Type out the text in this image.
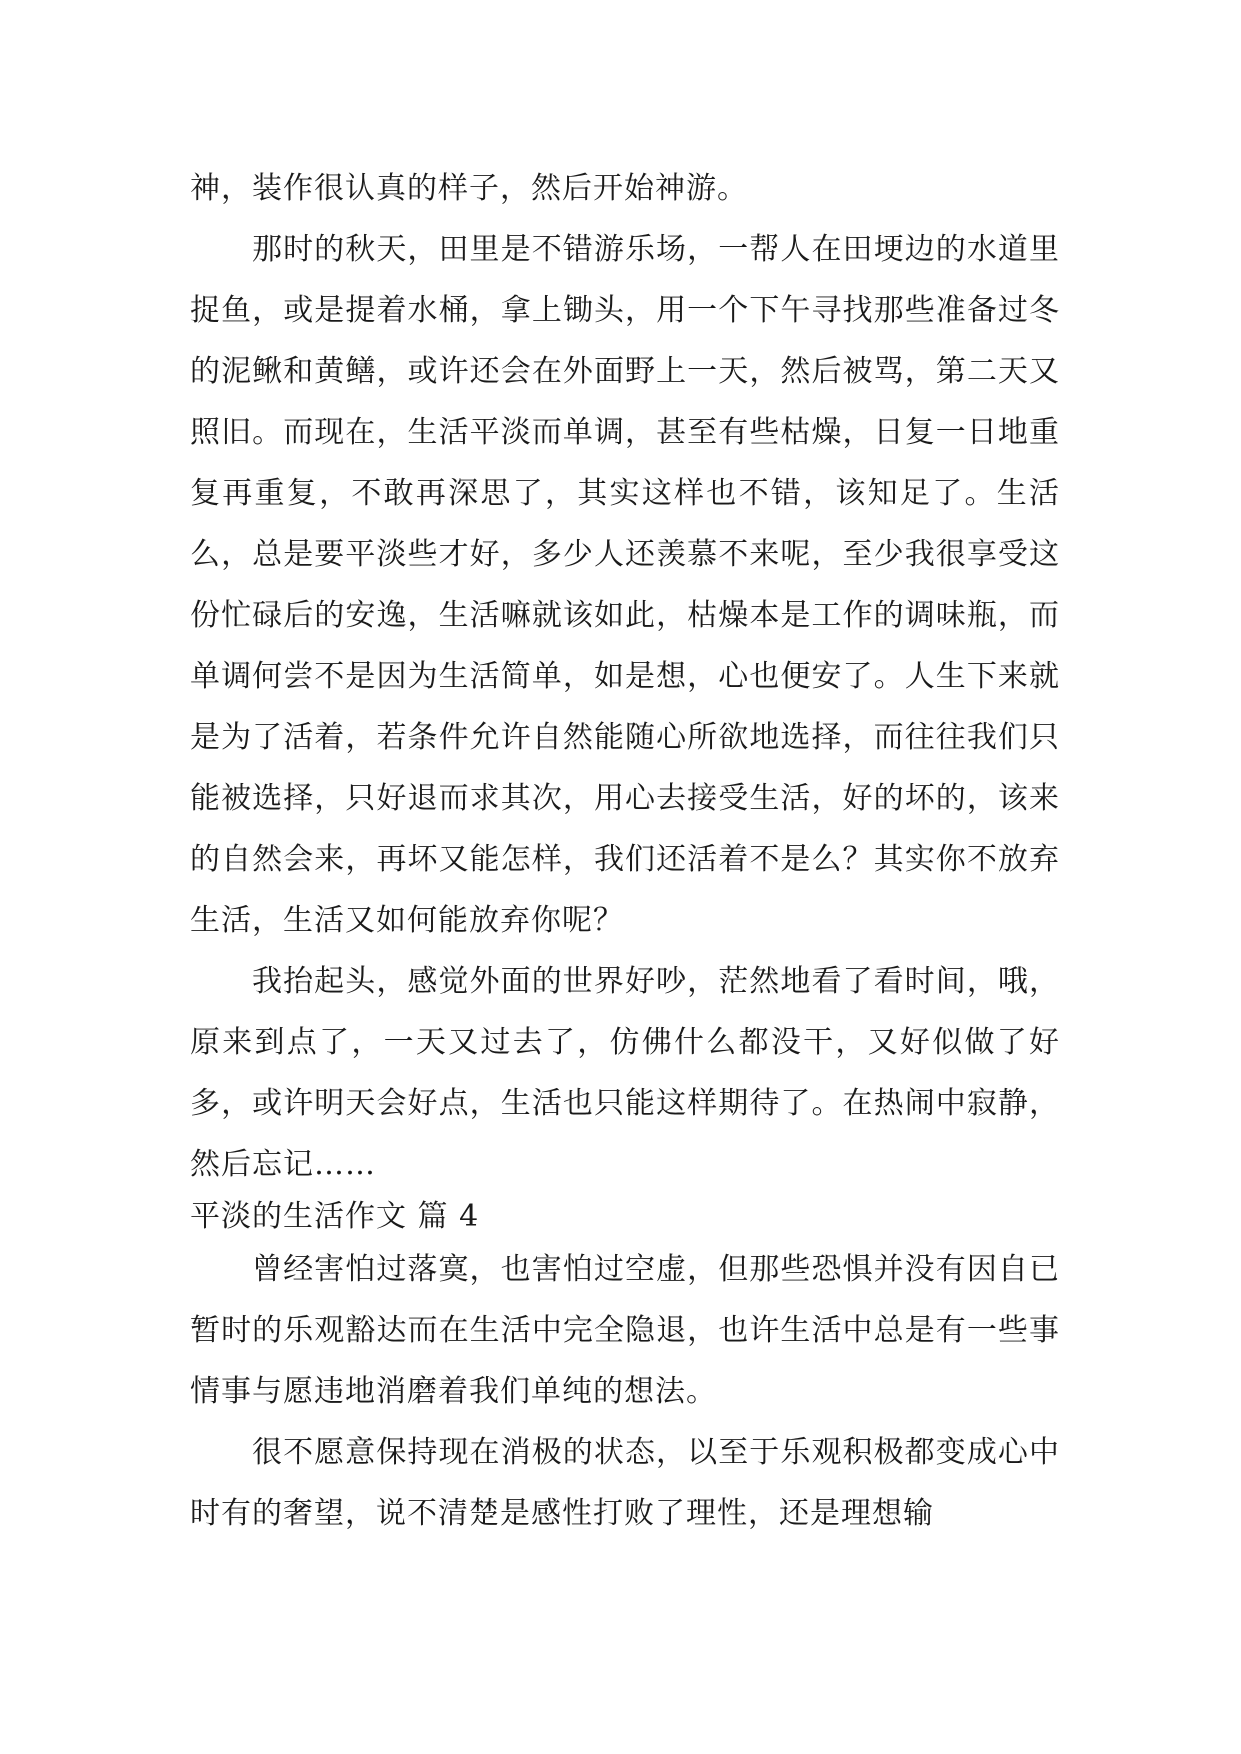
神，装作很认真的样子，然后开始神游。

那时的秋天，田里是不错游乐场，一帮人在田埂边的水道里捉鱼，或是提着水桶，拿上锄头，用一个下午寻找那些准备过冬的泥鳅和黄鳝，或许还会在外面野上一天，然后被骂，第二天又照旧。而现在，生活平淡而单调，甚至有些枯燥，日复一日地重复再重复，不敢再深思了，其实这样也不错，该知足了。生活么，总是要平淡些才好，多少人还羡慕不来呢，至少我很享受这份忙碌后的安逸，生活嘛就该如此，枯燥本是工作的调味瓶，而单调何尝不是因为生活简单，如是想，心也便安了。人生下来就是为了活着，若条件允许自然能随心所欲地选择，而往往我们只能被选择，只好退而求其次，用心去接受生活，好的坏的，该来的自然会来，再坏又能怎样，我们还活着不是么？其实你不放弃生活，生活又如何能放弃你呢？

我抬起头，感觉外面的世界好吵，茫然地看了看时间，哦，原来到点了，一天又过去了，仿佛什么都没干，又好似做了好多，或许明天会好点，生活也只能这样期待了。在热闹中寂静，然后忘记……

平淡的生活作文 篇 4

曾经害怕过落寞，也害怕过空虚，但那些恐惧并没有因自已暂时的乐观豁达而在生活中完全隐退，也许生活中总是有一些事情事与愿违地消磨着我们单纯的想法。

很不愿意保持现在消极的状态，以至于乐观积极都变成心中时有的奢望，说不清楚是感性打败了理性，还是理想输
